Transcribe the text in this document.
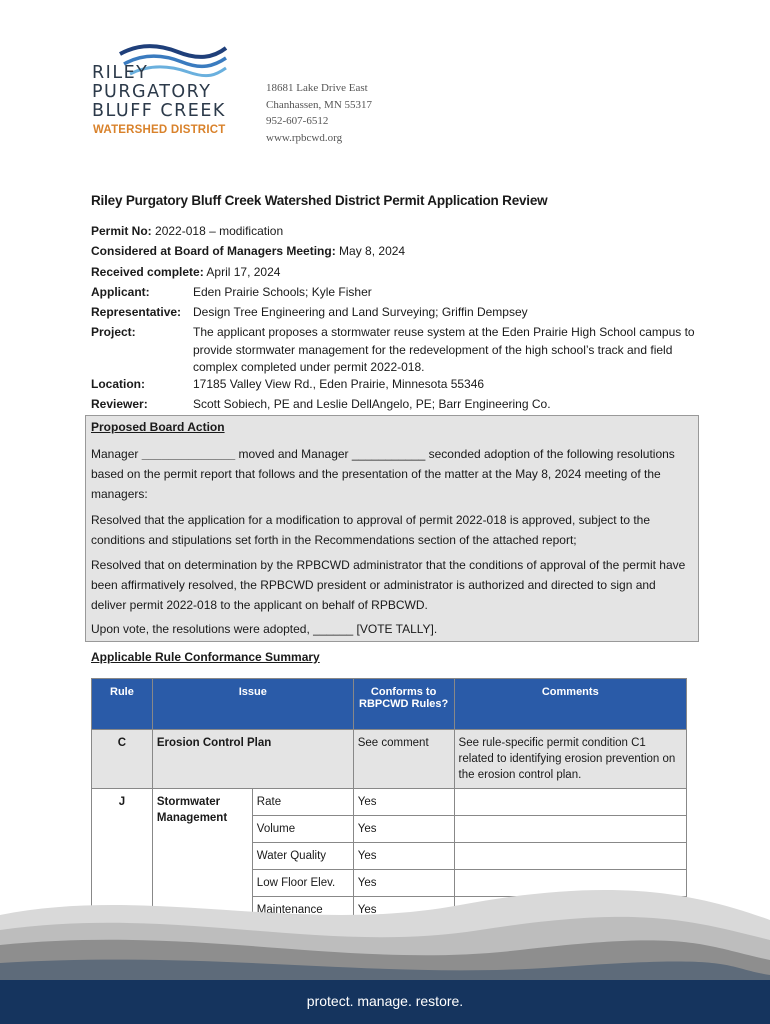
RILEY
PURGATORY
BLUFF CREEK
WATERSHED DISTRICT
18681 Lake Drive East
Chanhassen, MN 55317
952-607-6512
www.rpbcwd.org
Riley Purgatory Bluff Creek Watershed District Permit Application Review
Permit No: 2022-018 – modification
Considered at Board of Managers Meeting: May 8, 2024
Received complete: April 17, 2024
Applicant:	Eden Prairie Schools; Kyle Fisher
Representative: Design Tree Engineering and Land Surveying; Griffin Dempsey
Project:	The applicant proposes a stormwater reuse system at the Eden Prairie High School campus to provide stormwater management for the redevelopment of the high school’s track and field complex completed under permit 2022-018.
Location:	17185 Valley View Rd., Eden Prairie, Minnesota 55346
Reviewer:	Scott Sobiech, PE and Leslie DellAngelo, PE; Barr Engineering Co.

Proposed Board Action

Manager ______________ moved and Manager ___________ seconded adoption of the following resolutions based on the permit report that follows and the presentation of the matter at the May 8, 2024 meeting of the managers:

Resolved that the application for a modification to approval of permit 2022-018 is approved, subject to the conditions and stipulations set forth in the Recommendations section of the attached report;

Resolved that on determination by the RPBCWD administrator that the conditions of approval of the permit have been affirmatively resolved, the RPBCWD president or administrator is authorized and directed to sign and deliver permit 2022-018 to the applicant on behalf of RPBCWD.

Upon vote, the resolutions were adopted, ______ [VOTE TALLY].

Applicable Rule Conformance Summary
Rule	Issue		Conforms to RBPCWD Rules?	Comments

C	Erosion Control Plan		See comment	See rule-specific permit condition C1 related to identifying erosion prevention on the erosion control plan.

J	Stormwater Management	Rate	Yes	

		Volume	Yes	

		Water Quality	Yes	

		Low Floor Elev.	Yes	

		Maintenance	Yes	

protect. manage. restore.
